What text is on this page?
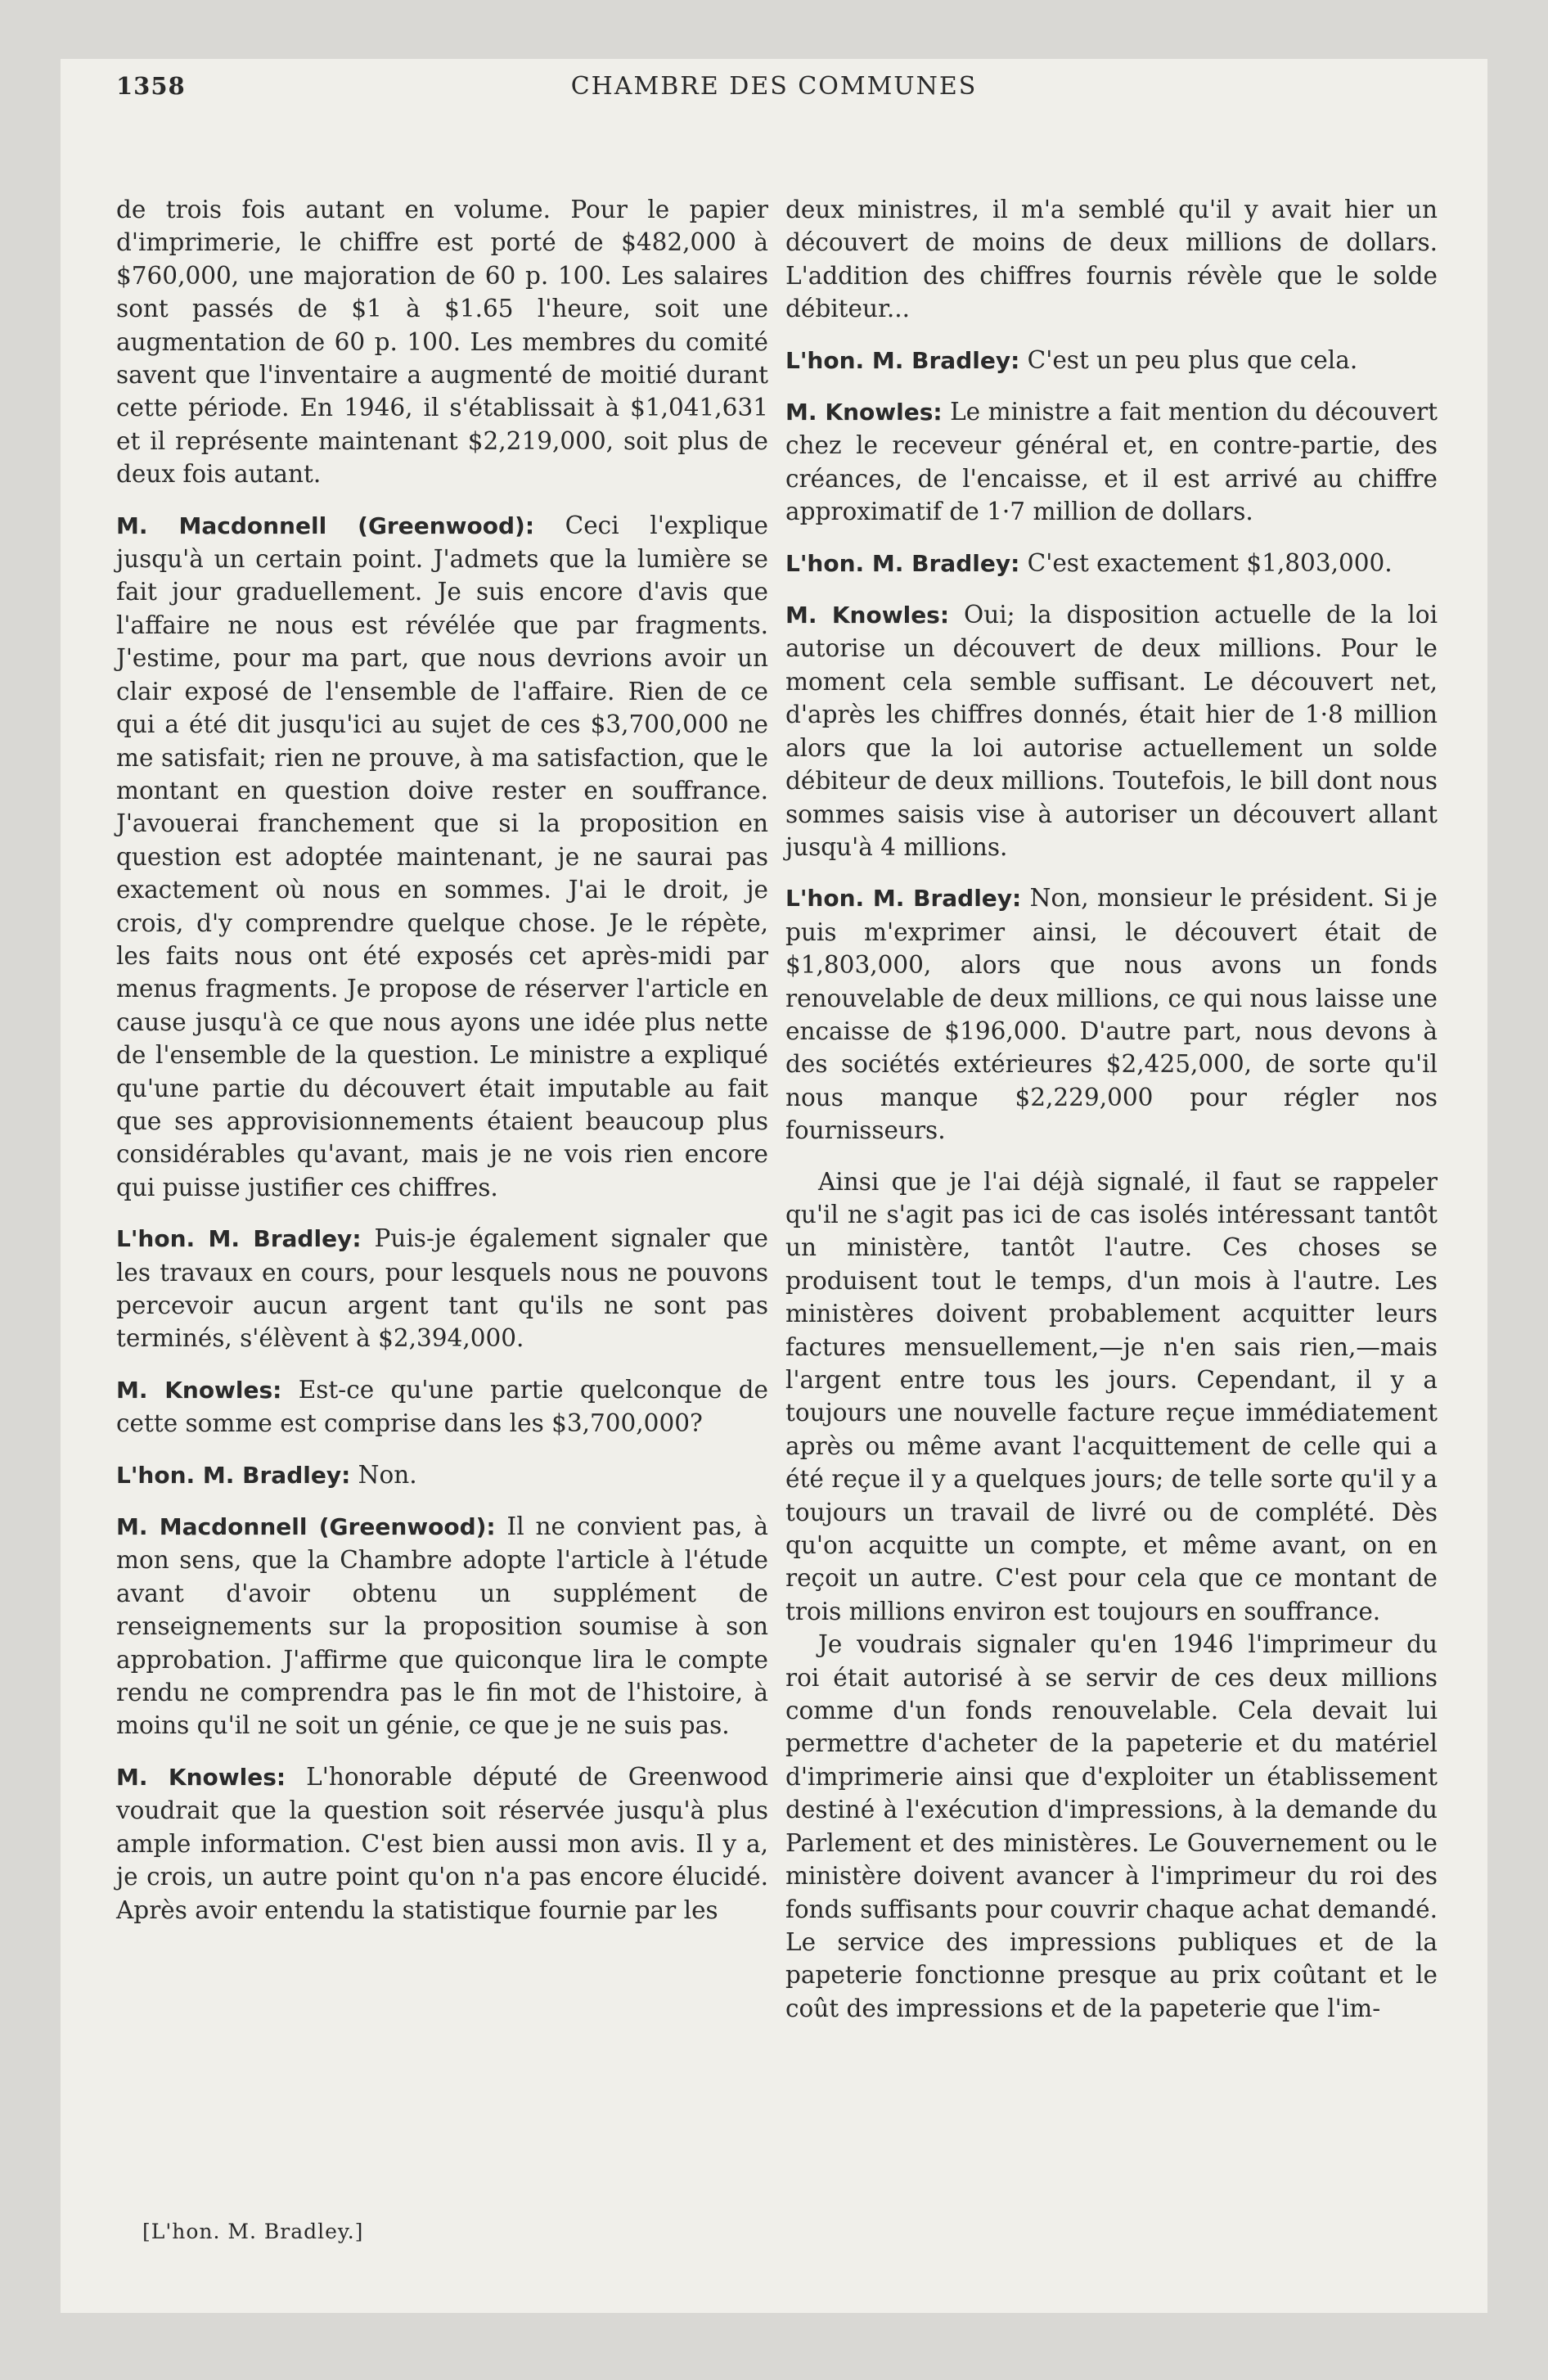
1358	CHAMBRE DES COMMUNES

de trois fois autant en volume. Pour le papier d'imprimerie, le chiffre est porté de $482,000 à $760,000, une majoration de 60 p. 100. Les salaires sont passés de $1 à $1.65 l'heure, soit une augmentation de 60 p. 100. Les membres du comité savent que l'inventaire a augmenté de moitié durant cette période. En 1946, il s'établissait à $1,041,631 et il représente maintenant $2,219,000, soit plus de deux fois autant.

M. Macdonnell (Greenwood): Ceci l'explique jusqu'à un certain point. J'admets que la lumière se fait jour graduellement. Je suis encore d'avis que l'affaire ne nous est révélée que par fragments. J'estime, pour ma part, que nous devrions avoir un clair exposé de l'ensemble de l'affaire. Rien de ce qui a été dit jusqu'ici au sujet de ces $3,700,000 ne me satisfait; rien ne prouve, à ma satisfaction, que le montant en question doive rester en souffrance. J'avouerai franchement que si la proposition en question est adoptée maintenant, je ne saurai pas exactement où nous en sommes. J'ai le droit, je crois, d'y comprendre quelque chose. Je le répète, les faits nous ont été exposés cet après-midi par menus fragments. Je propose de réserver l'article en cause jusqu'à ce que nous ayons une idée plus nette de l'ensemble de la question. Le ministre a expliqué qu'une partie du découvert était imputable au fait que ses approvisionnements étaient beaucoup plus considérables qu'avant, mais je ne vois rien encore qui puisse justifier ces chiffres.

L'hon. M. Bradley: Puis-je également signaler que les travaux en cours, pour lesquels nous ne pouvons percevoir aucun argent tant qu'ils ne sont pas terminés, s'élèvent à $2,394,000.

M. Knowles: Est-ce qu'une partie quelconque de cette somme est comprise dans les $3,700,000?

L'hon. M. Bradley: Non.

M. Macdonnell (Greenwood): Il ne convient pas, à mon sens, que la Chambre adopte l'article à l'étude avant d'avoir obtenu un supplément de renseignements sur la proposition soumise à son approbation. J'affirme que quiconque lira le compte rendu ne comprendra pas le fin mot de l'histoire, à moins qu'il ne soit un génie, ce que je ne suis pas.

M. Knowles: L'honorable député de Greenwood voudrait que la question soit réservée jusqu'à plus ample information. C'est bien aussi mon avis. Il y a, je crois, un autre point qu'on n'a pas encore élucidé. Après avoir entendu la statistique fournie par les

deux ministres, il m'a semblé qu'il y avait hier un découvert de moins de deux millions de dollars. L'addition des chiffres fournis révèle que le solde débiteur...

L'hon. M. Bradley: C'est un peu plus que cela.

M. Knowles: Le ministre a fait mention du découvert chez le receveur général et, en contre-partie, des créances, de l'encaisse, et il est arrivé au chiffre approximatif de 1·7 million de dollars.

L'hon. M. Bradley: C'est exactement $1,803,000.

M. Knowles: Oui; la disposition actuelle de la loi autorise un découvert de deux millions. Pour le moment cela semble suffisant. Le découvert net, d'après les chiffres donnés, était hier de 1·8 million alors que la loi autorise actuellement un solde débiteur de deux millions. Toutefois, le bill dont nous sommes saisis vise à autoriser un découvert allant jusqu'à 4 millions.

L'hon. M. Bradley: Non, monsieur le président. Si je puis m'exprimer ainsi, le découvert était de $1,803,000, alors que nous avons un fonds renouvelable de deux millions, ce qui nous laisse une encaisse de $196,000. D'autre part, nous devons à des sociétés extérieures $2,425,000, de sorte qu'il nous manque $2,229,000 pour régler nos fournisseurs.

Ainsi que je l'ai déjà signalé, il faut se rappeler qu'il ne s'agit pas ici de cas isolés intéressant tantôt un ministère, tantôt l'autre. Ces choses se produisent tout le temps, d'un mois à l'autre. Les ministères doivent probablement acquitter leurs factures mensuellement,—je n'en sais rien,—mais l'argent entre tous les jours. Cependant, il y a toujours une nouvelle facture reçue immédiatement après ou même avant l'acquittement de celle qui a été reçue il y a quelques jours; de telle sorte qu'il y a toujours un travail de livré ou de complété. Dès qu'on acquitte un compte, et même avant, on en reçoit un autre. C'est pour cela que ce montant de trois millions environ est toujours en souffrance.

Je voudrais signaler qu'en 1946 l'imprimeur du roi était autorisé à se servir de ces deux millions comme d'un fonds renouvelable. Cela devait lui permettre d'acheter de la papeterie et du matériel d'imprimerie ainsi que d'exploiter un établissement destiné à l'exécution d'impressions, à la demande du Parlement et des ministères. Le Gouvernement ou le ministère doivent avancer à l'imprimeur du roi des fonds suffisants pour couvrir chaque achat demandé. Le service des impressions publiques et de la papeterie fonctionne presque au prix coûtant et le coût des impressions et de la papeterie que l'im-

[L'hon. M. Bradley.]
